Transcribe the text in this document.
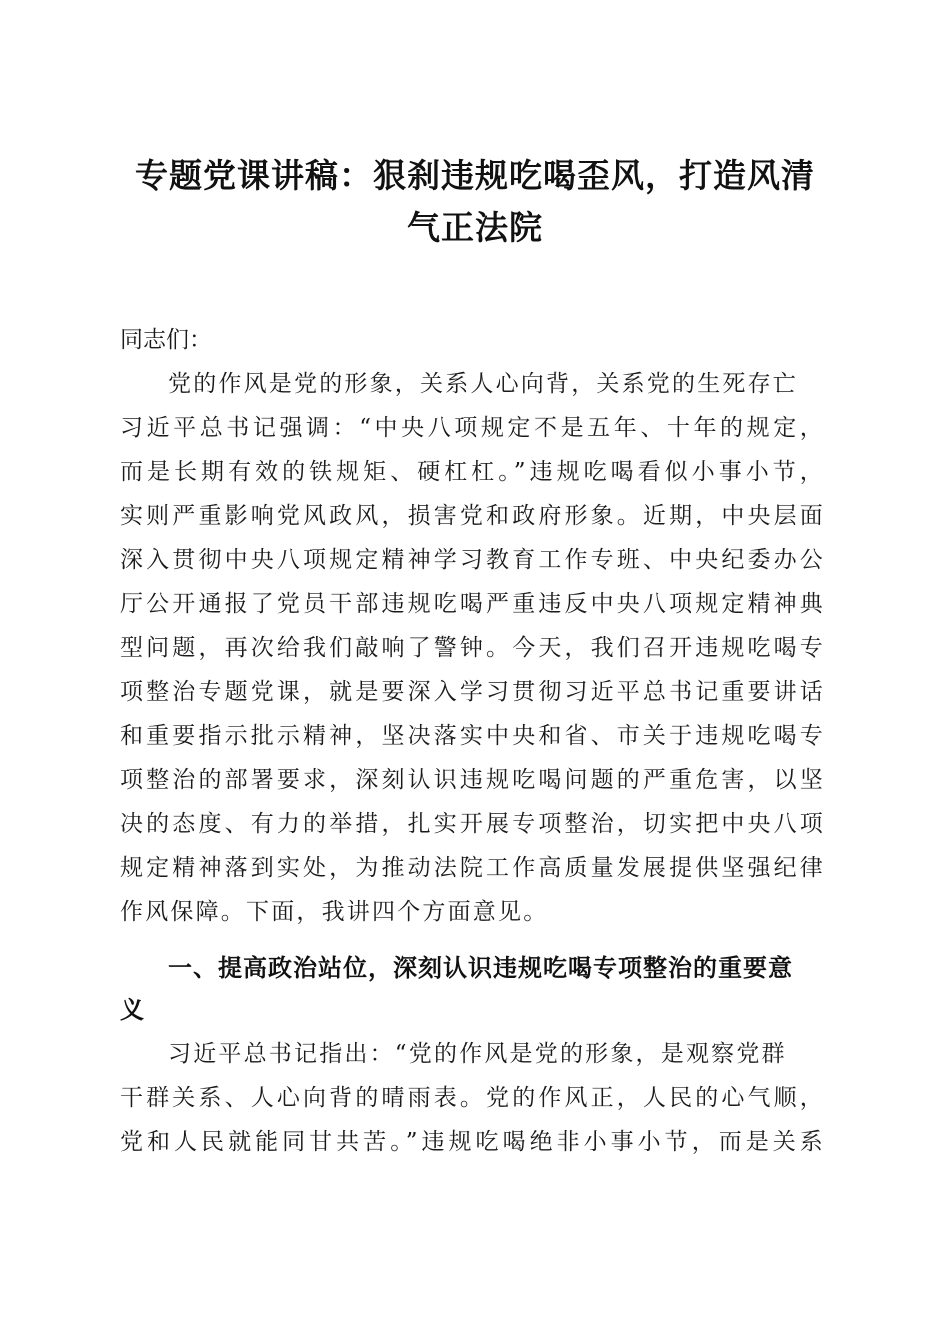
专题党课讲稿：狠刹违规吃喝歪风，打造风清
气正法院
同志们：
党的作风是党的形象，关系人心向背，关系党的生死存亡
习近平总书记强调：“中央八项规定不是五年、十年的规定，
而是长期有效的铁规矩、硬杠杠。”违规吃喝看似小事小节，
实则严重影响党风政风，损害党和政府形象。近期，中央层面
深入贯彻中央八项规定精神学习教育工作专班、中央纪委办公
厅公开通报了党员干部违规吃喝严重违反中央八项规定精神典
型问题，再次给我们敲响了警钟。今天，我们召开违规吃喝专
项整治专题党课，就是要深入学习贯彻习近平总书记重要讲话
和重要指示批示精神，坚决落实中央和省、市关于违规吃喝专
项整治的部署要求，深刻认识违规吃喝问题的严重危害，以坚
决的态度、有力的举措，扎实开展专项整治，切实把中央八项
规定精神落到实处，为推动法院工作高质量发展提供坚强纪律
作风保障。下面，我讲四个方面意见。
一、提高政治站位，深刻认识违规吃喝专项整治的重要意
义
习近平总书记指出：“党的作风是党的形象，是观察党群
干群关系、人心向背的晴雨表。党的作风正，人民的心气顺，
党和人民就能同甘共苦。”违规吃喝绝非小事小节，而是关系
